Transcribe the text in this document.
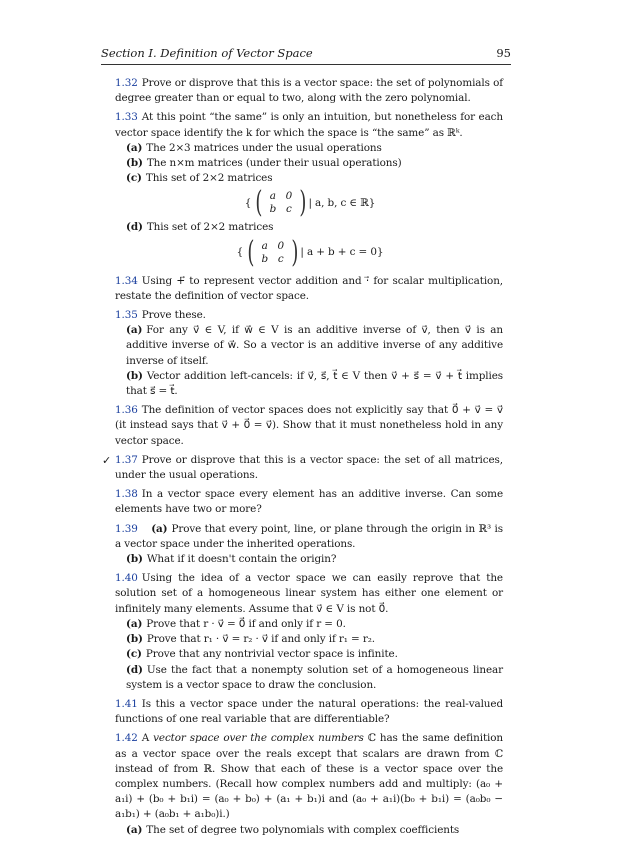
Section I. Definition of Vector Space	95
1.32 Prove or disprove that this is a vector space: the set of polynomials of degree greater than or equal to two, along with the zero polynomial.
1.33 At this point “the same” is only an intuition, but nonetheless for each vector space identify the k for which the space is “the same” as ℝᵏ.
(a) The 2×3 matrices under the usual operations
(b) The n×m matrices (under their usual operations)
(c) This set of 2×2 matrices
{ ( a 0
b c ) | a, b, c ∈ ℝ}
(d) This set of 2×2 matrices
{ ( a 0
b c ) | a + b + c = 0}
1.34 Using +⃗ to represent vector addition and ·⃗ for scalar multiplication, restate the definition of vector space.
1.35 Prove these.
(a) For any v⃗ ∈ V, if w⃗ ∈ V is an additive inverse of v⃗, then v⃗ is an additive inverse of w⃗. So a vector is an additive inverse of any additive inverse of itself.
(b) Vector addition left-cancels: if v⃗, s⃗, t⃗ ∈ V then v⃗ + s⃗ = v⃗ + t⃗ implies that s⃗ = t⃗.
1.36 The definition of vector spaces does not explicitly say that 0⃗ + v⃗ = v⃗ (it instead says that v⃗ + 0⃗ = v⃗). Show that it must nonetheless hold in any vector space.
✓ 1.37 Prove or disprove that this is a vector space: the set of all matrices, under the usual operations.
1.38 In a vector space every element has an additive inverse. Can some elements have two or more?
1.39 (a) Prove that every point, line, or plane through the origin in ℝ³ is a vector space under the inherited operations.
(b) What if it doesn't contain the origin?
1.40 Using the idea of a vector space we can easily reprove that the solution set of a homogeneous linear system has either one element or infinitely many elements. Assume that v⃗ ∈ V is not 0⃗.
(a) Prove that r · v⃗ = 0⃗ if and only if r = 0.
(b) Prove that r₁ · v⃗ = r₂ · v⃗ if and only if r₁ = r₂.
(c) Prove that any nontrivial vector space is infinite.
(d) Use the fact that a nonempty solution set of a homogeneous linear system is a vector space to draw the conclusion.
1.41 Is this a vector space under the natural operations: the real-valued functions of one real variable that are differentiable?
1.42 A vector space over the complex numbers ℂ has the same definition as a vector space over the reals except that scalars are drawn from ℂ instead of from ℝ. Show that each of these is a vector space over the complex numbers. (Recall how complex numbers add and multiply: (a₀ + a₁i) + (b₀ + b₁i) = (a₀ + b₀) + (a₁ + b₁)i and (a₀ + a₁i)(b₀ + b₁i) = (a₀b₀ − a₁b₁) + (a₀b₁ + a₁b₀)i.)
(a) The set of degree two polynomials with complex coefficients
